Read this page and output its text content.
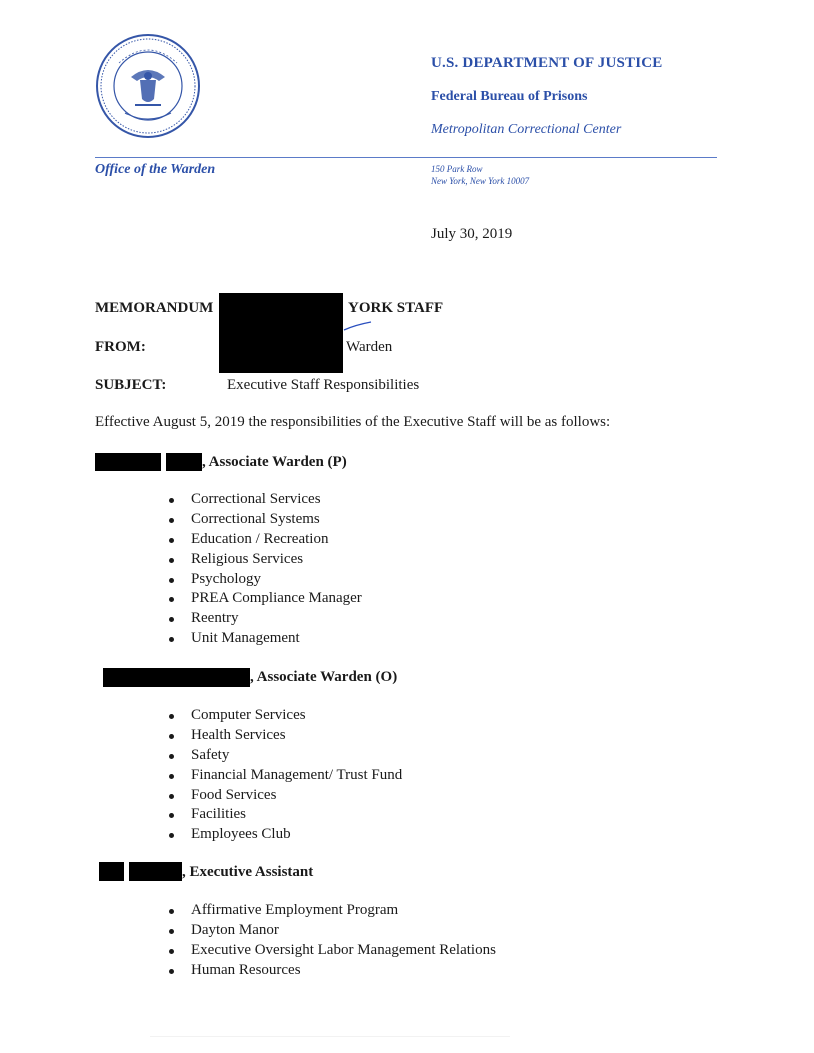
U.S. DEPARTMENT OF JUSTICE
Federal Bureau of Prisons
Metropolitan Correctional Center
Office of the Warden	150 Park Row
New York, New York 10007
July 30, 2019
MEMORANDUM	YORK STAFF
FROM:	Warden
SUBJECT:	Executive Staff Responsibilities
Effective August 5, 2019 the responsibilities of the Executive Staff will be as follows:
, Associate Warden (P)
Correctional Services
Correctional Systems
Education / Recreation
Religious Services
Psychology
PREA Compliance Manager
Reentry
Unit Management
, Associate Warden (O)
Computer Services
Health Services
Safety
Financial Management/ Trust Fund
Food Services
Facilities
Employees Club
, Executive Assistant
Affirmative Employment Program
Dayton Manor
Executive Oversight Labor Management Relations
Human Resources
